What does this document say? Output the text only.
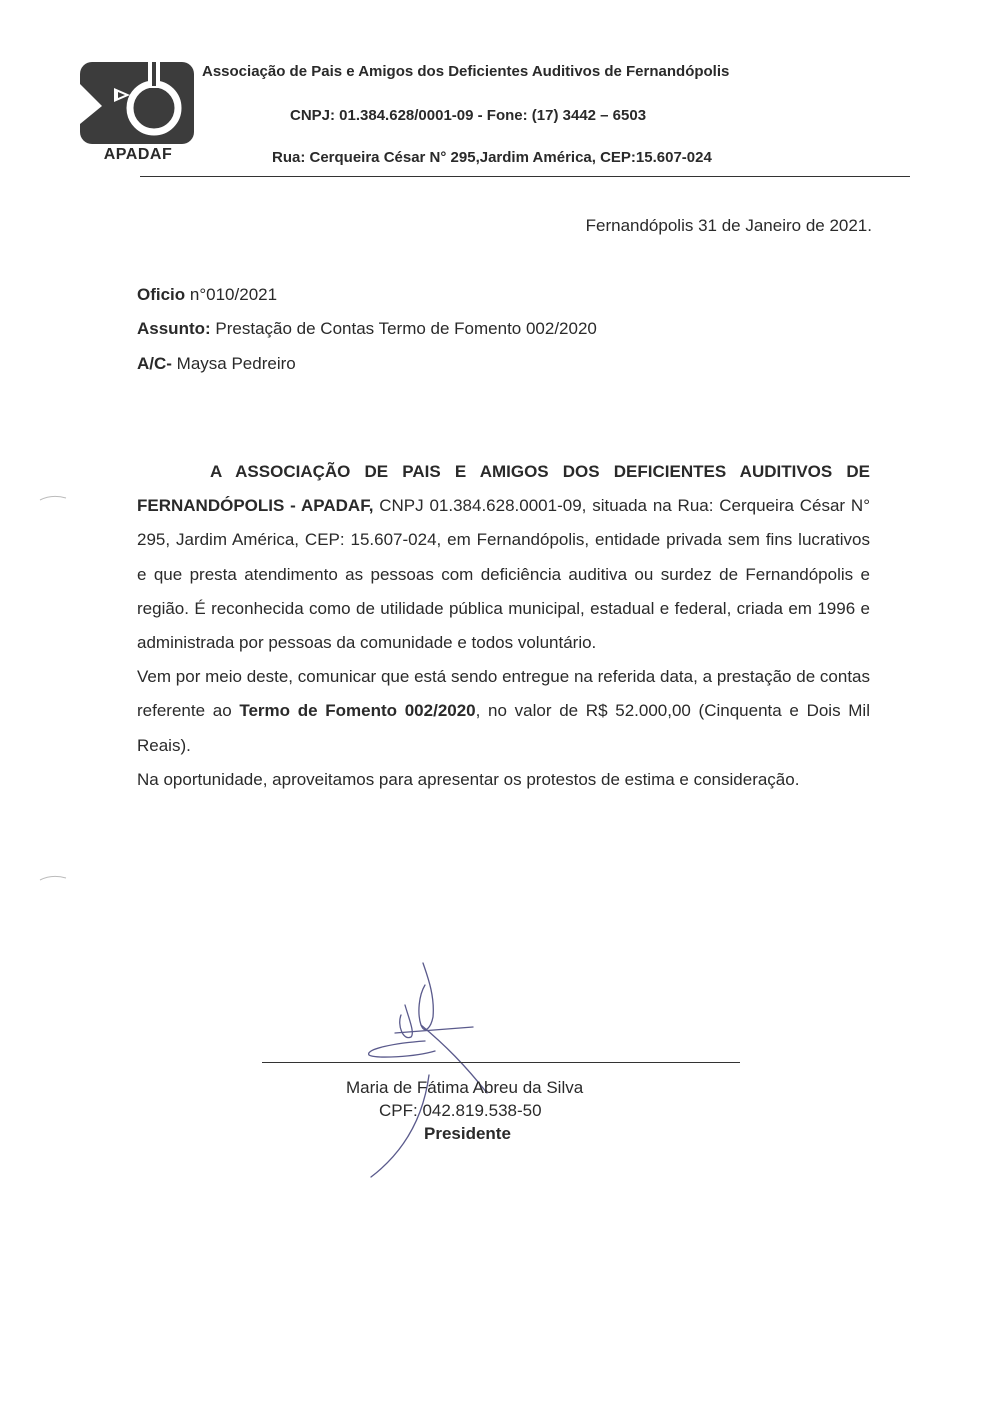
APADAF
Associação de Pais e Amigos dos Deficientes Auditivos de Fernandópolis
CNPJ: 01.384.628/0001-09 - Fone: (17) 3442 – 6503
Rua: Cerqueira César N° 295,Jardim América, CEP:15.607-024
Fernandópolis 31 de Janeiro de 2021.
Oficio n°010/2021
Assunto: Prestação de Contas Termo de Fomento 002/2020
A/C- Maysa Pedreiro

A ASSOCIAÇÃO DE PAIS E AMIGOS DOS DEFICIENTES AUDITIVOS DE FERNANDÓPOLIS - APADAF, CNPJ 01.384.628.0001-09, situada na Rua: Cerqueira César N° 295, Jardim América, CEP: 15.607-024, em Fernandópolis, entidade privada sem fins lucrativos e que presta atendimento as pessoas com deficiência auditiva ou surdez de Fernandópolis e região. É reconhecida como de utilidade pública municipal, estadual e federal, criada em 1996 e administrada por pessoas da comunidade e todos voluntário.

Vem por meio deste, comunicar que está sendo entregue na referida data, a prestação de contas referente ao Termo de Fomento 002/2020, no valor de R$ 52.000,00 (Cinquenta e Dois Mil Reais).

Na oportunidade, aproveitamos para apresentar os protestos de estima e consideração.

Maria de Fátima Abreu da Silva
CPF: 042.819.538-50
Presidente
